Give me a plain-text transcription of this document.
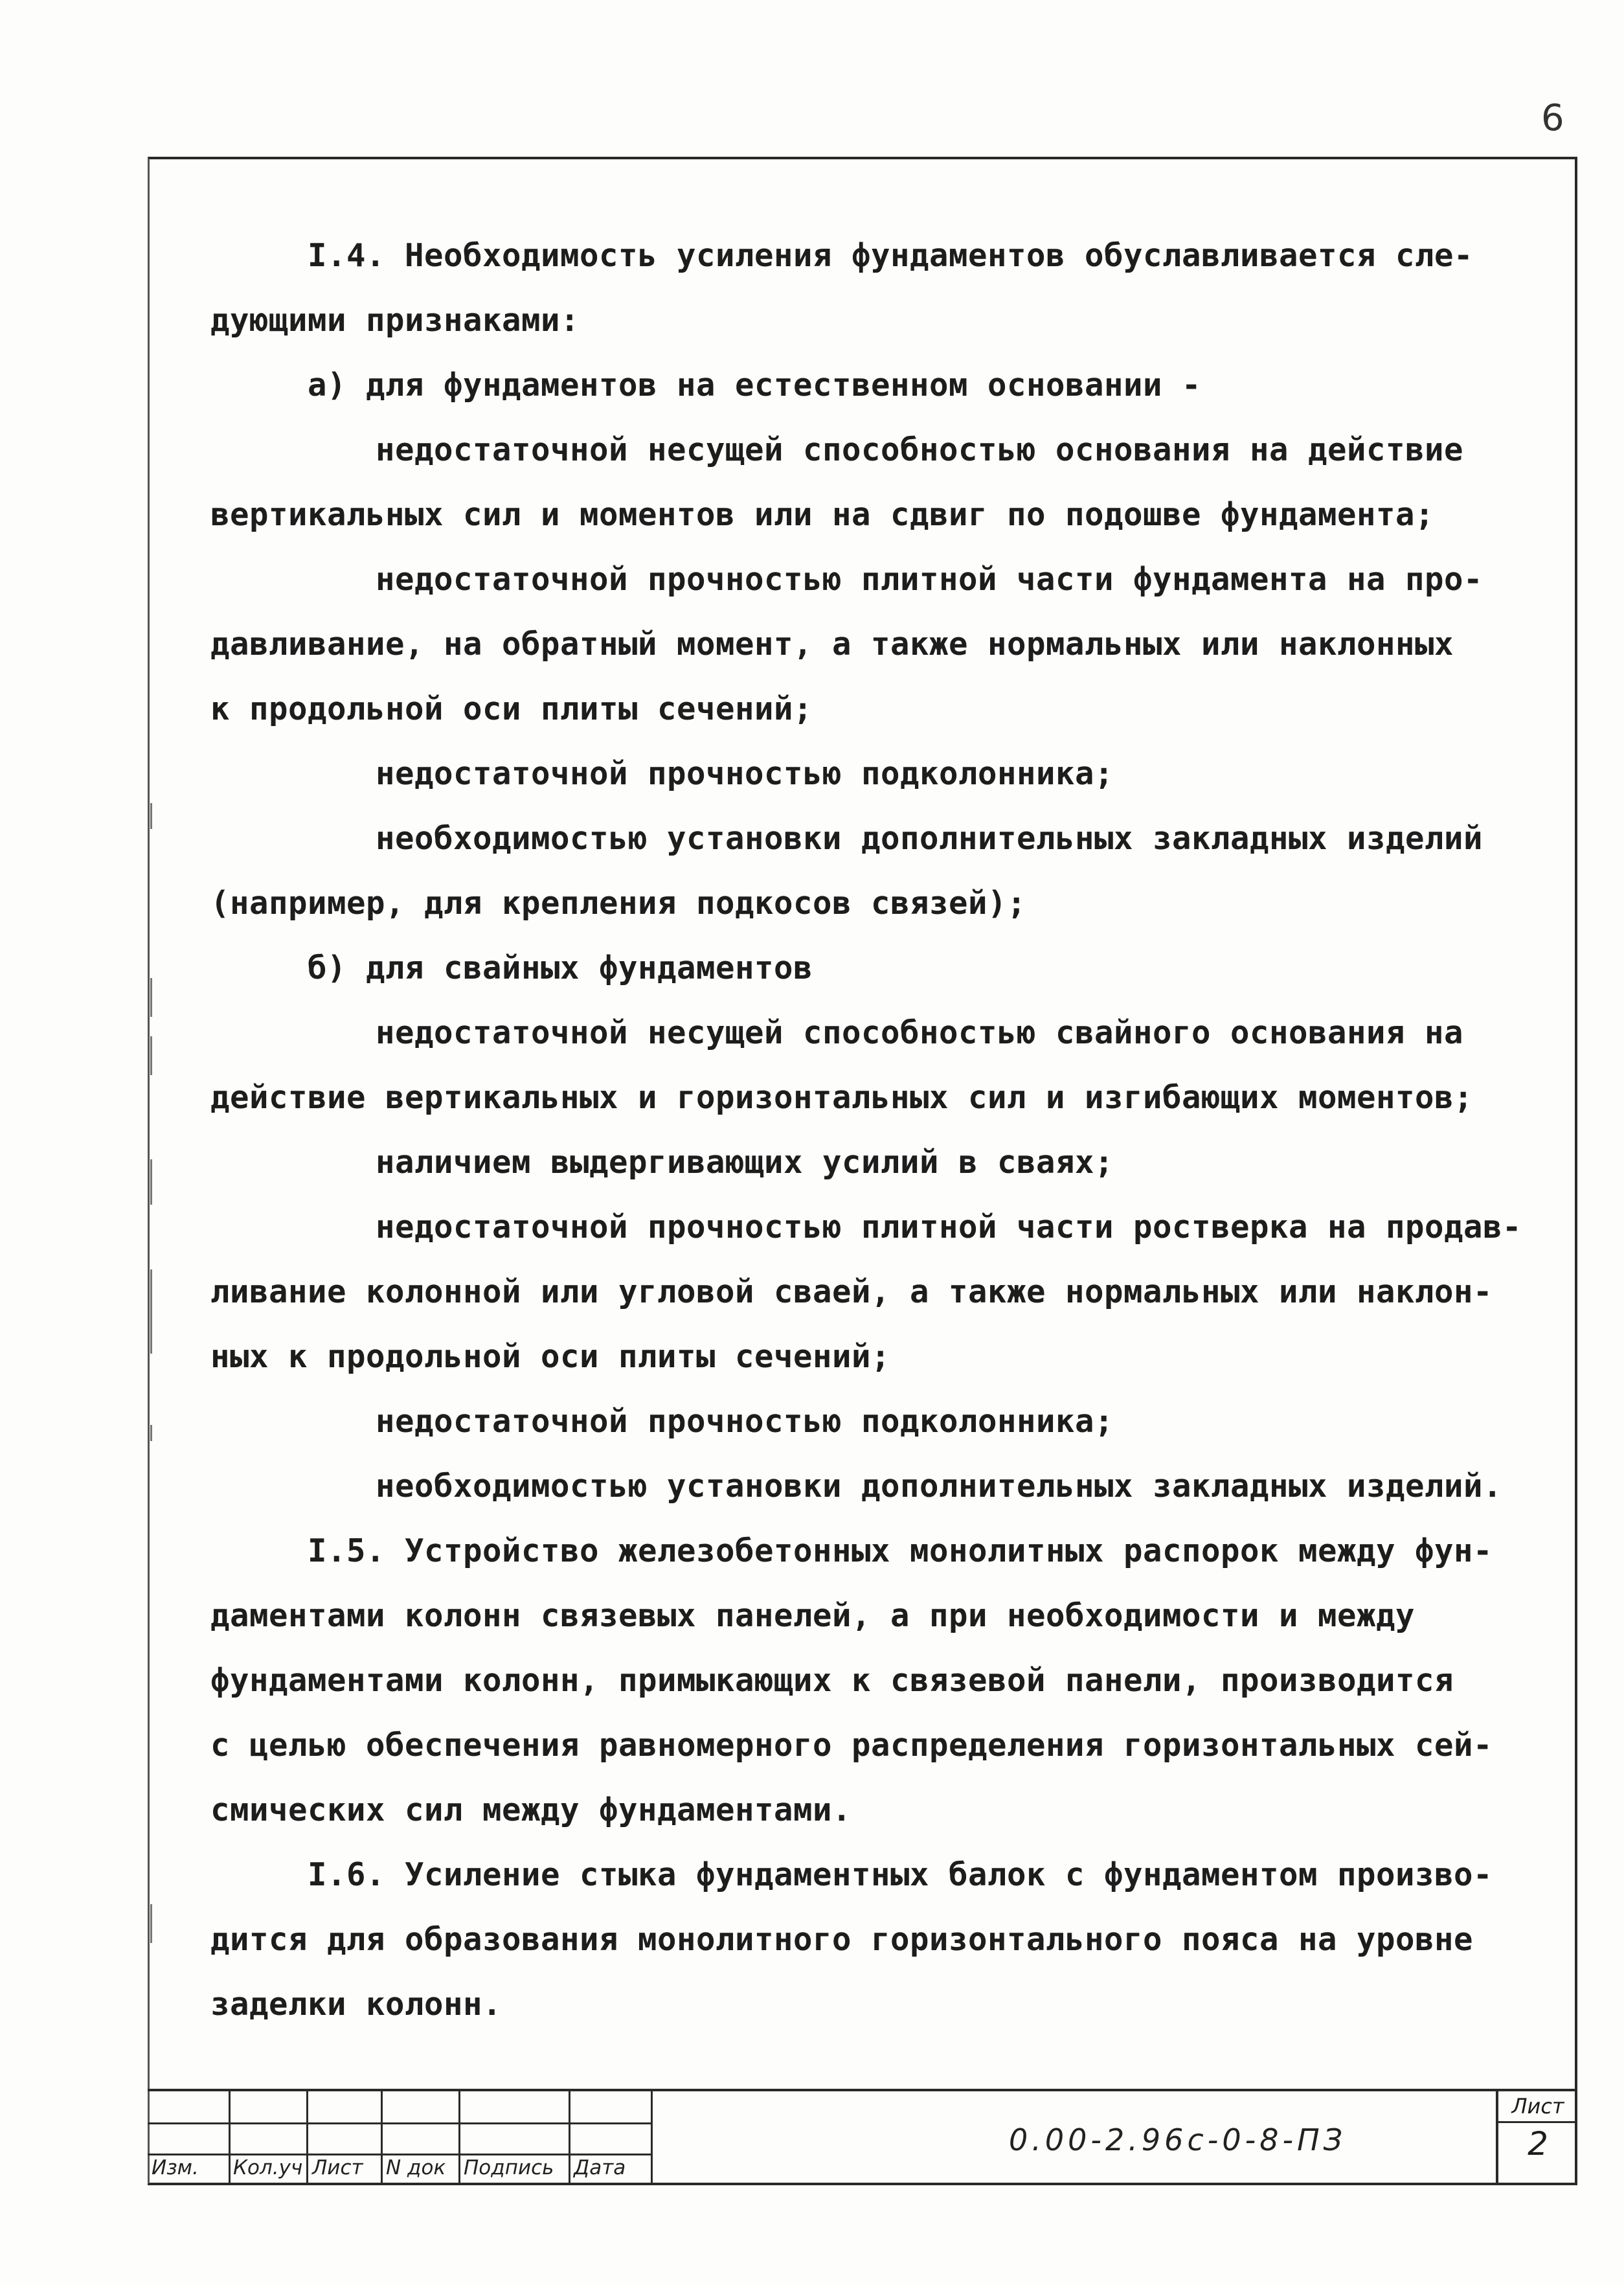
6
I.4. Необходимость усиления фундаментов обуславливается сле-
дующими признаками:
а) для фундаментов на естественном основании -
недостаточной несущей способностью основания на действие
вертикальных сил и моментов или на сдвиг по подошве фундамента;
недостаточной прочностью плитной части фундамента на про-
давливание, на обратный момент, а также нормальных или наклонных
к продольной оси плиты сечений;
недостаточной прочностью подколонника;
необходимостью установки дополнительных закладных изделий
(например, для крепления подкосов связей);
б) для свайных фундаментов
недостаточной несущей способностью свайного основания на
действие вертикальных и горизонтальных сил и изгибающих моментов;
наличием выдергивающих усилий в сваях;
недостаточной прочностью плитной части ростверка на продав-
ливание колонной или угловой сваей, а также нормальных или наклон-
ных к продольной оси плиты сечений;
недостаточной прочностью подколонника;
необходимостью установки дополнительных закладных изделий.
I.5. Устройство железобетонных монолитных распорок между фун-
даментами колонн связевых панелей, а при необходимости и между
фундаментами колонн, примыкающих к связевой панели, производится
с целью обеспечения равномерного распределения горизонтальных сей-
смических сил между фундаментами.
I.6. Усиление стыка фундаментных балок с фундаментом произво-
дится для образования монолитного горизонтального пояса на уровне
заделки колонн.
Изм. Кол.уч Лист N док Подпись Дата
0.00-2.96с-0-8-ПЗ
Лист
2
